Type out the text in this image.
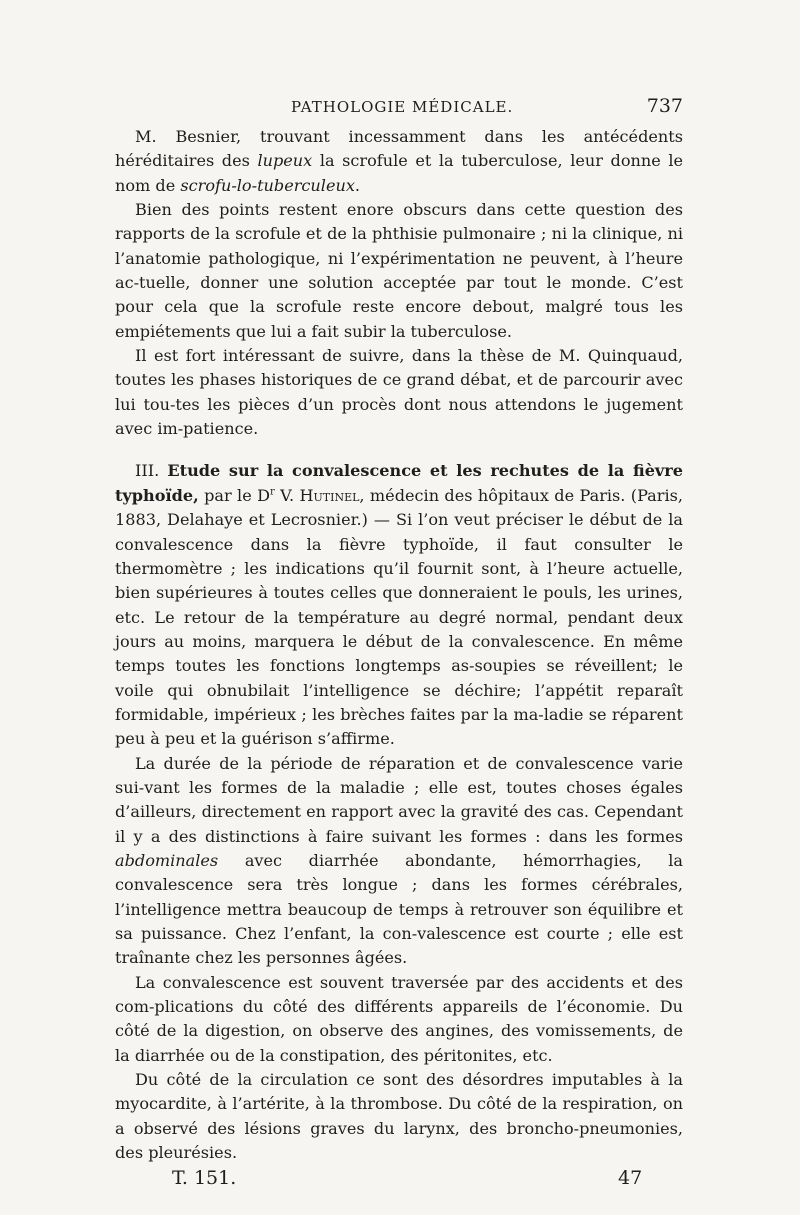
PATHOLOGIE MÉDICALE.	737

M. Besnier, trouvant incessamment dans les antécédents héréditaires des lupeux la scrofule et la tuberculose, leur donne le nom de scrofu-lo-tuberculeux.

Bien des points restent enore obscurs dans cette question des rapports de la scrofule et de la phthisie pulmonaire ; ni la clinique, ni l’anatomie pathologique, ni l’expérimentation ne peuvent, à l’heure ac-tuelle, donner une solution acceptée par tout le monde. C’est pour cela que la scrofule reste encore debout, malgré tous les empiétements que lui a fait subir la tuberculose.

Il est fort intéressant de suivre, dans la thèse de M. Quinquaud, toutes les phases historiques de ce grand débat, et de parcourir avec lui tou-tes les pièces d’un procès dont nous attendons le jugement avec im-patience.

III. Etude sur la convalescence et les rechutes de la fièvre typhoïde, par le $D^r$ V. Hutinel, médecin des hôpitaux de Paris. (Paris, 1883, Delahaye et Lecrosnier.) — Si l’on veut préciser le début de la convalescence dans la fièvre typhoïde, il faut consulter le thermomètre ; les indications qu’il fournit sont, à l’heure actuelle, bien supérieures à toutes celles que donneraient le pouls, les urines, etc. Le retour de la température au degré normal, pendant deux jours au moins, marquera le début de la convalescence. En même temps toutes les fonctions longtemps as-soupies se réveillent; le voile qui obnubilait l’intelligence se déchire; l’appétit reparaît formidable, impérieux ; les brèches faites par la ma-ladie se réparent peu à peu et la guérison s’affirme.

La durée de la période de réparation et de convalescence varie sui-vant les formes de la maladie ; elle est, toutes choses égales d’ailleurs, directement en rapport avec la gravité des cas. Cependant il y a des distinctions à faire suivant les formes : dans les formes abdominales avec diarrhée abondante, hémorrhagies, la convalescence sera très longue ; dans les formes cérébrales, l’intelligence mettra beaucoup de temps à retrouver son équilibre et sa puissance. Chez l’enfant, la con-valescence est courte ; elle est traînante chez les personnes âgées.

La convalescence est souvent traversée par des accidents et des com-plications du côté des différents appareils de l’économie. Du côté de la digestion, on observe des angines, des vomissements, de la diarrhée ou de la constipation, des péritonites, etc.

Du côté de la circulation ce sont des désordres imputables à la myocardite, à l’artérite, à la thrombose. Du côté de la respiration, on a observé des lésions graves du larynx, des broncho-pneumonies, des pleurésies.

T. 151.	47
